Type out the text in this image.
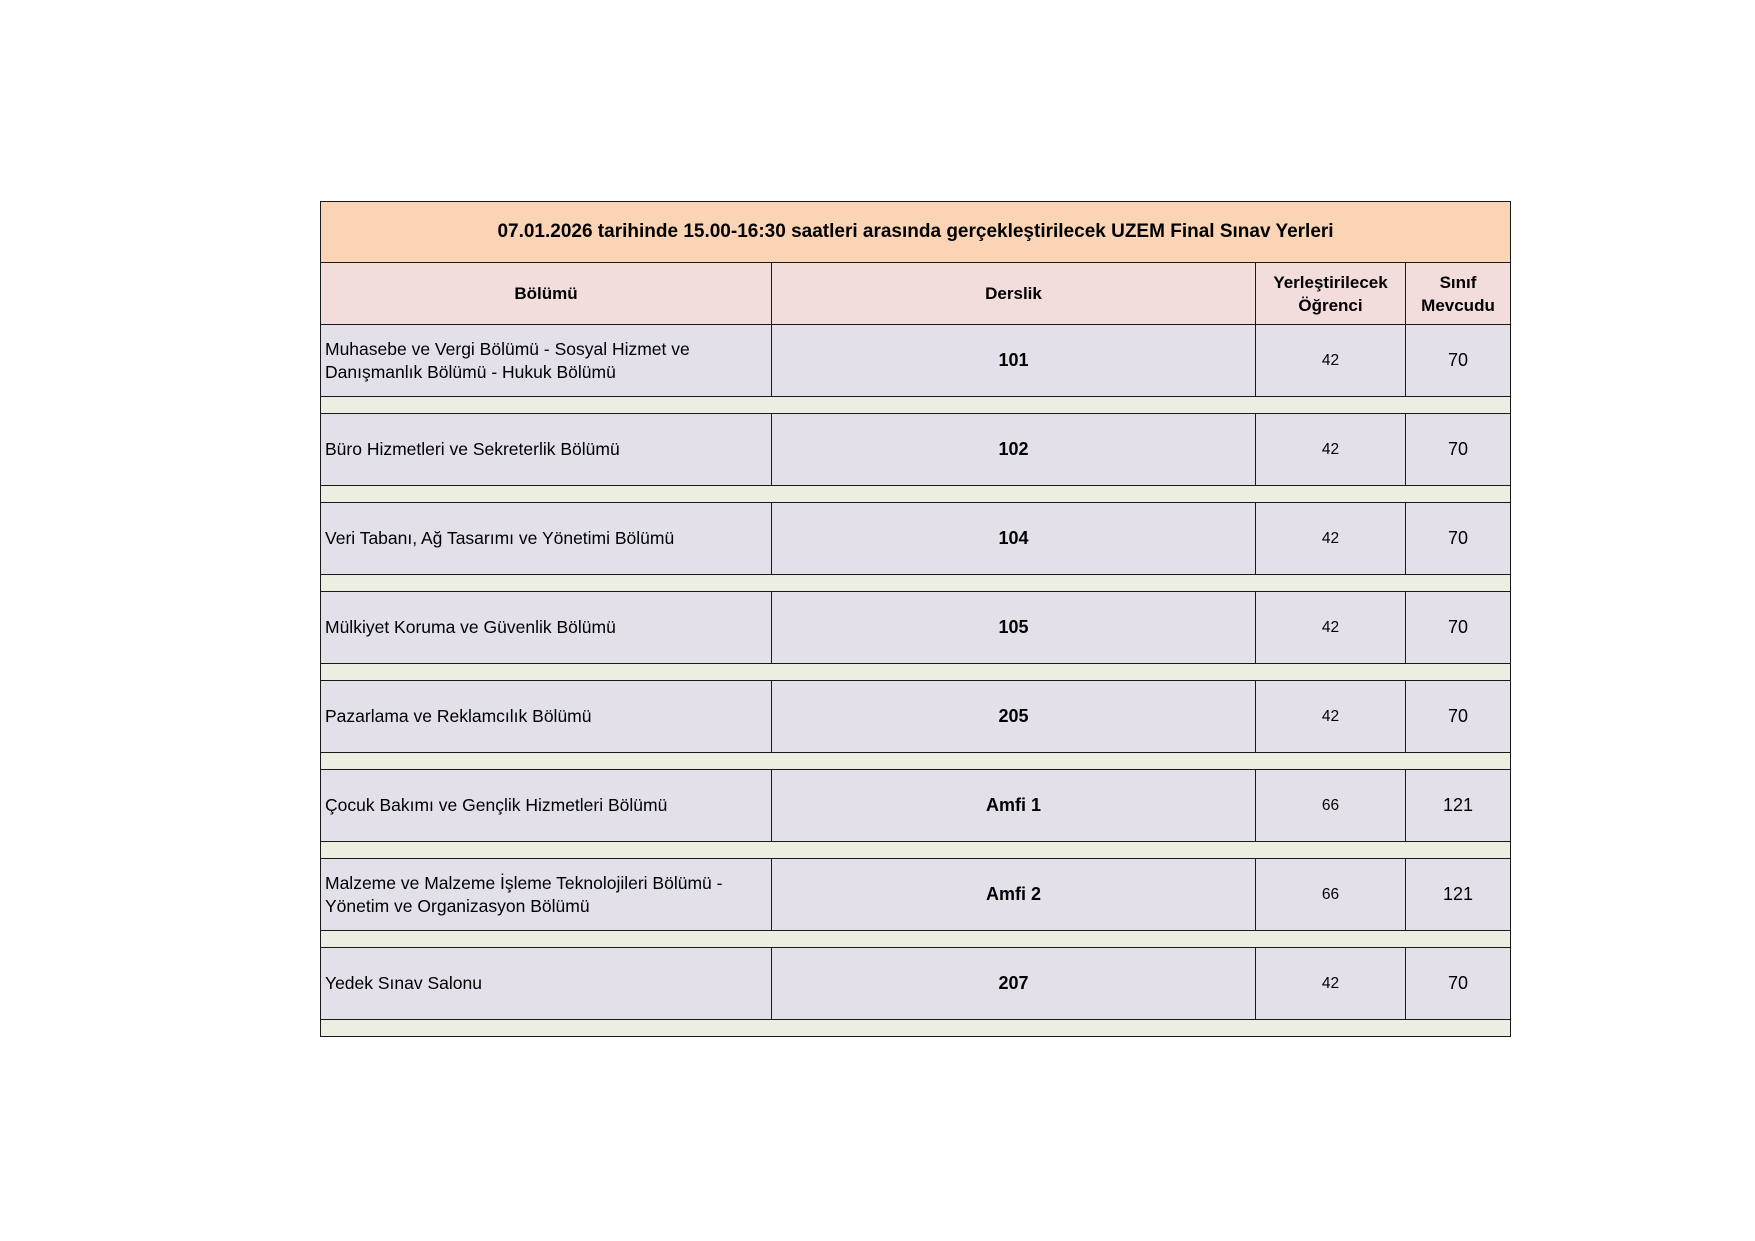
07.01.2026 tarihinde 15.00-16:30 saatleri arasında gerçekleştirilecek UZEM Final Sınav Yerleri			
Bölümü	Derslik	Yerleştirilecek Öğrenci	Sınıf Mevcudu
Muhasebe ve Vergi Bölümü - Sosyal Hizmet ve Danışmanlık Bölümü - Hukuk Bölümü	101	42	70

Büro Hizmetleri ve Sekreterlik Bölümü	102	42	70

Veri Tabanı, Ağ Tasarımı ve Yönetimi Bölümü	104	42	70

Mülkiyet Koruma ve Güvenlik Bölümü	105	42	70

Pazarlama ve Reklamcılık Bölümü	205	42	70

Çocuk Bakımı ve Gençlik Hizmetleri Bölümü	Amfi 1	66	121

Malzeme ve Malzeme İşleme Teknolojileri Bölümü - Yönetim ve Organizasyon Bölümü	Amfi 2	66	121

Yedek Sınav Salonu	207	42	70
